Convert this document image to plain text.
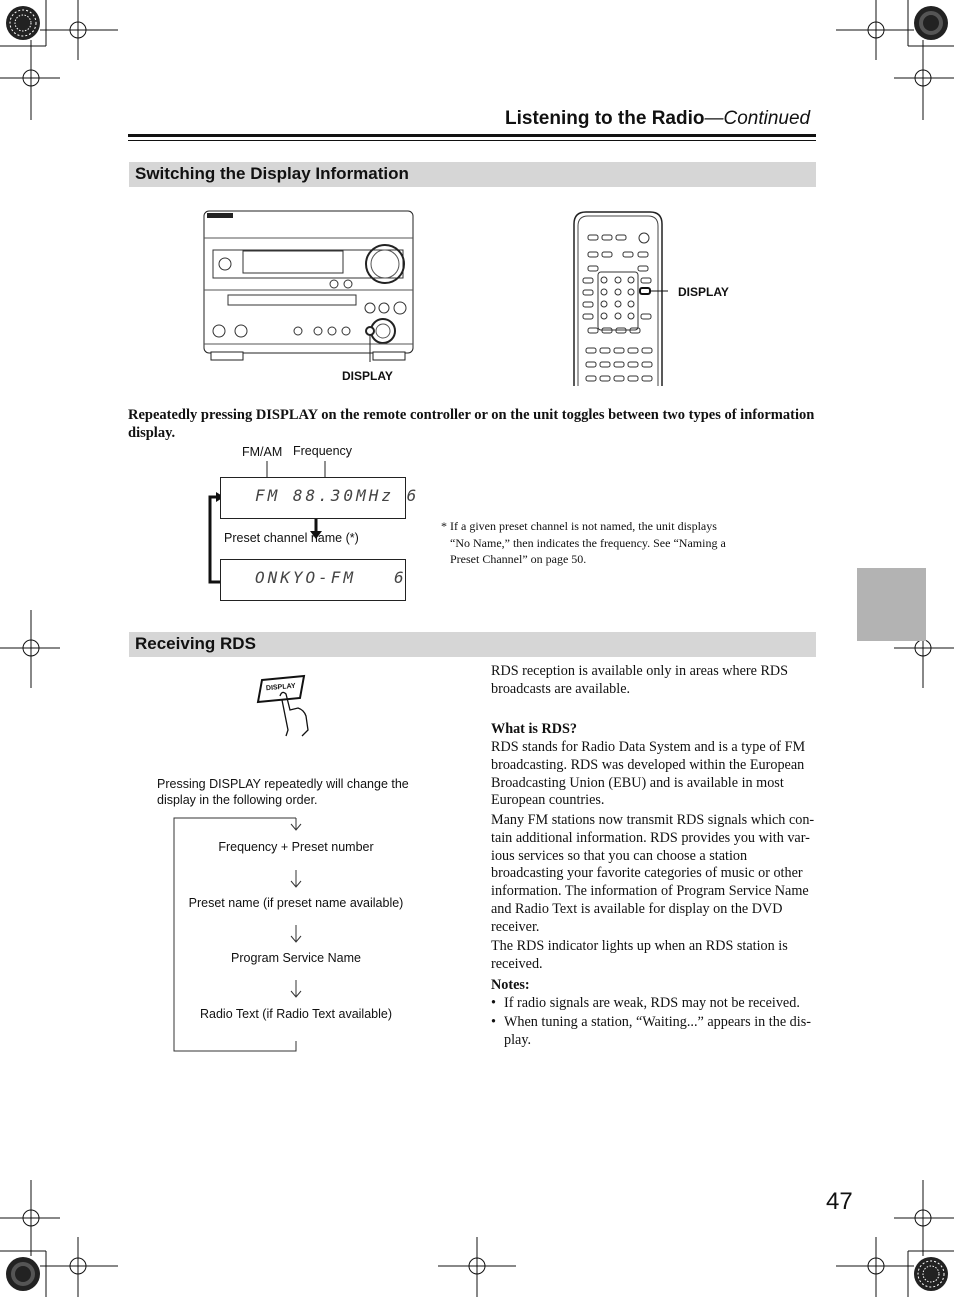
Listening to the Radio—Continued
Switching the Display Information
DISPLAY
DISPLAY
Repeatedly pressing DISPLAY on the remote controller or on the unit toggles between two types of information display.
FM/AM Frequency
FM 88.30MHz 6
Preset channel name (*)
ONKYO-FM   6
* If a given preset channel is not named, the unit displays
“No Name,” then indicates the frequency. See “Naming a
Preset Channel” on page 50.
Receiving RDS
DISPLAY
Pressing DISPLAY repeatedly will change the
display in the following order.
Frequency + Preset number
Preset name (if preset name available)
Program Service Name
Radio Text (if Radio Text available)
RDS reception is available only in areas where RDS
broadcasts are available.
What is RDS?
RDS stands for Radio Data System and is a type of FM
broadcasting. RDS was developed within the European
Broadcasting Union (EBU) and is available in most
European countries.
Many FM stations now transmit RDS signals which con-
tain additional information. RDS provides you with var-
ious services so that you can choose a station
broadcasting your favorite categories of music or other
information. The information of Program Service Name
and Radio Text is available for display on the DVD
receiver.
The RDS indicator lights up when an RDS station is
received.
Notes:
• If radio signals are weak, RDS may not be received.
• When tuning a station, “Waiting...” appears in the dis-
play.
47
